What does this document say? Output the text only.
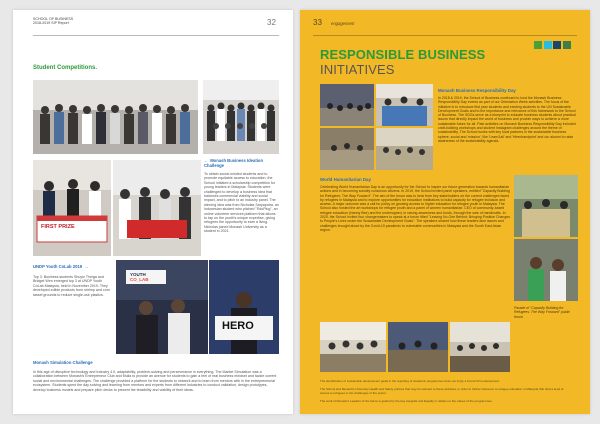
SCHOOL OF BUSINESS
2018-2019 SIP Report	32
Student Competitions.
FIRST PRIZE
← Monash Business Ideation Challenge
To obtain social-minded students and to promote equitable access to education, the School initiated a scholarship competition for young leaders in Malaysia. Students were challenged to develop a business idea that balances commercial viability and social impact, and to pitch to an industry panel. The winning idea was from Nicholas Saryaputra, an Indonesian student who pitched "EduPlug", an online volunteer services platform that allows to tap on the youth's unique expertise, giving refugees the opportunity to earn a living. Nicholas joined Monash University as a student in 2021.
UNDP Youth CoLab 2019 →
Top 3. Business students Shuyin Theiga and Bridget Wen emerged top 3 at UNDP Youth CoLab Malaysia, held in November 2019. They developed edible products from shrimp and corn tassel grounds to reduce single-use plastics.
YOUTH
CO_LAB
HERO
Monash Simulation Challenge
In this age of disruptive technology and Industry 4.0, adaptability, problem-solving and perseverance is everything. The Market Simulation was a collaboration between Monash's Entrepreneur Club and Mulia to provide an avenue for students to gain a feel of real business mindset and tackle current social and environmental challenges. The challenge provided a platform for the students to network and to learn from mentors with in the entrepreneurial ecosystem. Students spent the day solving and learning from mentors and experts from different industries to conduct validation, design prototypes, develop business models and prepare pitch decks to present the feasibility and viability of their ideas.
33 engagement
RESPONSIBLE BUSINESS
INITIATIVES
Monash Business Responsibility Day
In 2018 & 2019, the School of Business continued to host the Monash Business Responsibility Day events as part of our Orientation Week activities. The focus of the initiative is to introduce first year students and existing students to the UN Sustainable Development Goals and to the importance and relevance of this framework to the School of Business. The SDGs serve as a blueprint to educate business students about practical issues that directly impact the world of business and provide ways to achieve a more sustainable future for all. Past activities on Monash Business Responsibility Day included craft-building workshops and student Instagram challenges around the theme of sustainability. The School works with key local partners in the sustainable business sphere, social and 'mission', like 'Learn2all' and 'Hirenhandprint' and our alumni to raise awareness of the sustainability agenda.
World Humanitarian Day
Celebrating World Humanitarian Day is an opportunity for the School to inspire our future generation towards humanitarian actions and in becoming socially conscious citizens. In 2019, the School invited panel speakers, entitled "Capacity Building for Refugees: The Way Forward". The aim of the forum was to hear from key stakeholders on the current challenges faced by refugees in Malaysia and to explore opportunities for education institutions to build capacity for refugee inclusion and access. A major outcome was a call for policy on growing access to higher education for refugee youth in Malaysia. The School also hosted the art workshops for refugee youth and a panel of women humanitarian: CEO of community-based refugee education (Nanny Bee) and the undersigned, in raising awareness and funds, through the sale of handicrafts. In 2020, the School invited four changemakers to speak at a forum titled "Leaving No One Behind: Bringing Positive Changes to People's Lives under the Sustainable Development Goals". The speakers shared how these leaders face issues and challenges brought about by the Covid-19 pandemic to vulnerable communities in Malaysia and the South East Asian region.
Parade of "Capacity Building for Refugees: The Way Forward" public forum
The identification of sustainable development goals in the reporting of academic programmes does not imply a formal UN endorsement.
The School and Monash's University Health and Safety policies that may be relevant to these activities, in order to further reference to refugee education in Malaysia that hold a level of access to refugees in the challenges of the sector.
The work of Monash's Leaders of the future is guided by the key integrals and Equally in relation to the values of the programmes.
